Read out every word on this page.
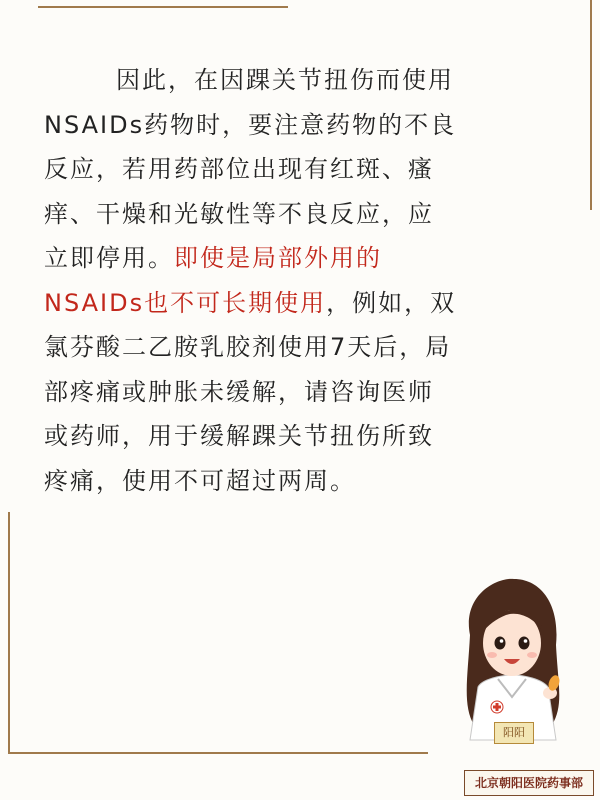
因此，在因踝关节扭伤而使用

NSAIDs药物时，要注意药物的不良

反应，若用药部位出现有红斑、瘙

痒、干燥和光敏性等不良反应，应

立即停用。即使是局部外用的

NSAIDs也不可长期使用，例如，双

氯芬酸二乙胺乳胶剂使用7天后，局

部疼痛或肿胀未缓解，请咨询医师

或药师，用于缓解踝关节扭伤所致

疼痛，使用不可超过两周。

阳阳
北京朝阳医院药事部
